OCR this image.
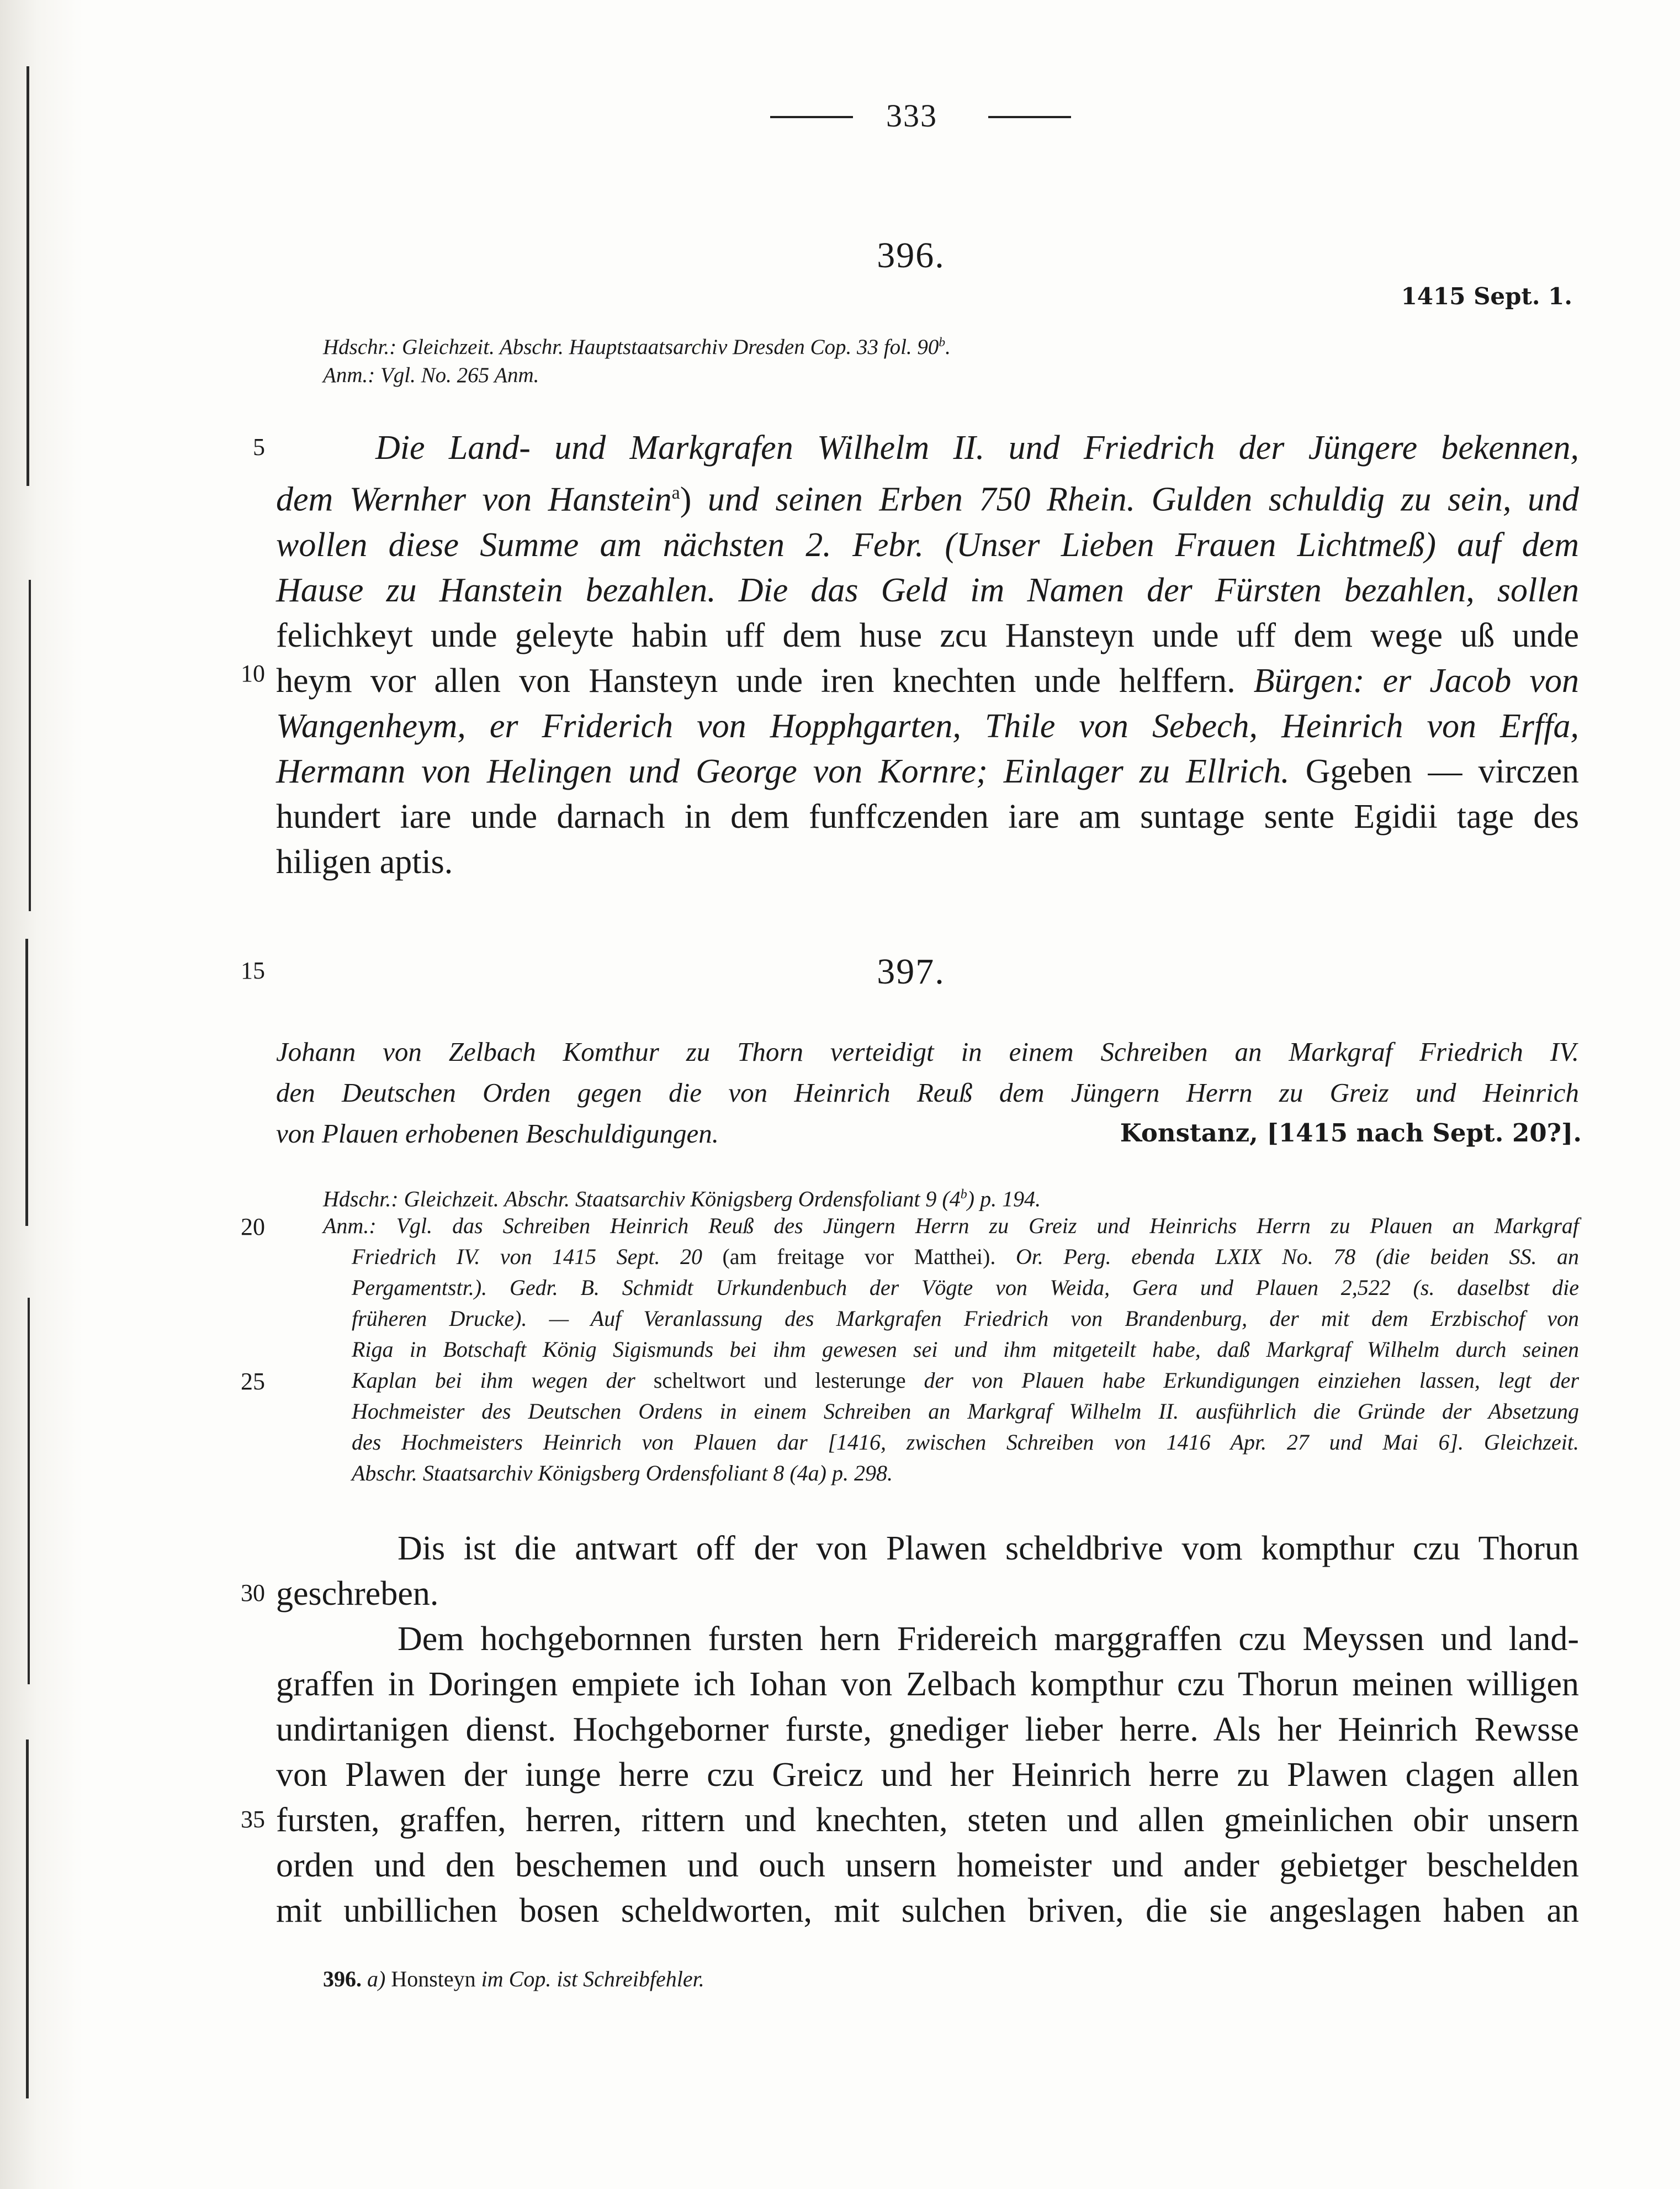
333
396.
1415 Sept. 1.
Hdschr.: Gleichzeit. Abschr. Hauptstaatsarchiv Dresden Cop. 33 fol. 90$^b$.
Anm.: Vgl. No. 265 Anm.

Die Land- und Markgrafen Wilhelm II. und Friedrich der Jüngere bekennen,

dem Wernher von Hanstein$^a$) und seinen Erben 750 Rhein. Gulden schuldig zu sein, und

wollen diese Summe am nächsten 2. Febr. (Unser Lieben Frauen Lichtmeß) auf dem

Hause zu Hanstein bezahlen. Die das Geld im Namen der Fürsten bezahlen, sollen

felichkeyt unde geleyte habin uff dem huse zcu Hansteyn unde uff dem wege uß unde

heym vor allen von Hansteyn unde iren knechten unde helffern. Bürgen: er Jacob von

Wangenheym, er Friderich von Hopphgarten, Thile von Sebech, Heinrich von Erffa,

Hermann von Helingen und George von Kornre; Einlager zu Ellrich. Ggeben — virczen

hundert iare unde darnach in dem funffczenden iare am suntage sente Egidii tage des

hiligen aptis.

5
10
15	397.
Johann von Zelbach Komthur zu Thorn verteidigt in einem Schreiben an Markgraf Friedrich IV.
den Deutschen Orden gegen die von Heinrich Reuß dem Jüngern Herrn zu Greiz und Heinrich
von Plauen erhobenen Beschuldigungen.	Konstanz, [1415 nach Sept. 20?].
Hdschr.: Gleichzeit. Abschr. Staatsarchiv Königsberg Ordensfoliant 9 (4$^b$) p. 194.
Anm.: Vgl. das Schreiben Heinrich Reuß des Jüngern Herrn zu Greiz und Heinrichs Herrn zu Plauen an Markgraf
Friedrich IV. von 1415 Sept. 20 (am freitage vor Matthei). Or. Perg. ebenda LXIX No. 78 (die beiden SS. an
Pergamentstr.). Gedr. B. Schmidt Urkundenbuch der Vögte von Weida, Gera und Plauen 2,522 (s. daselbst die
früheren Drucke). — Auf Veranlassung des Markgrafen Friedrich von Brandenburg, der mit dem Erzbischof von
Riga in Botschaft König Sigismunds bei ihm gewesen sei und ihm mitgeteilt habe, daß Markgraf Wilhelm durch seinen
Kaplan bei ihm wegen der scheltwort und lesterunge der von Plauen habe Erkundigungen einziehen lassen, legt der
Hochmeister des Deutschen Ordens in einem Schreiben an Markgraf Wilhelm II. ausführlich die Gründe der Absetzung
des Hochmeisters Heinrich von Plauen dar [1416, zwischen Schreiben von 1416 Apr. 27 und Mai 6]. Gleichzeit.
Abschr. Staatsarchiv Königsberg Ordensfoliant 8 (4a) p. 298.

Dis ist die antwart off der von Plawen scheldbrive vom kompthur czu Thorun

geschreben.

Dem hochgebornnen fursten hern Fridereich marggraffen czu Meyssen und land-

graffen in Doringen empiete ich Iohan von Zelbach kompthur czu Thorun meinen willigen

undirtanigen dienst. Hochgeborner furste, gnediger lieber herre. Als her Heinrich Rewsse

von Plawen der iunge herre czu Greicz und her Heinrich herre zu Plawen clagen allen

fursten, graffen, herren, rittern und knechten, steten und allen gmeinlichen obir unsern

orden und den beschemen und ouch unsern homeister und ander gebietger beschelden

mit unbillichen bosen scheldworten, mit sulchen briven, die sie angeslagen haben an

396. a) Honsteyn im Cop. ist Schreibfehler.
20
25
30
35
